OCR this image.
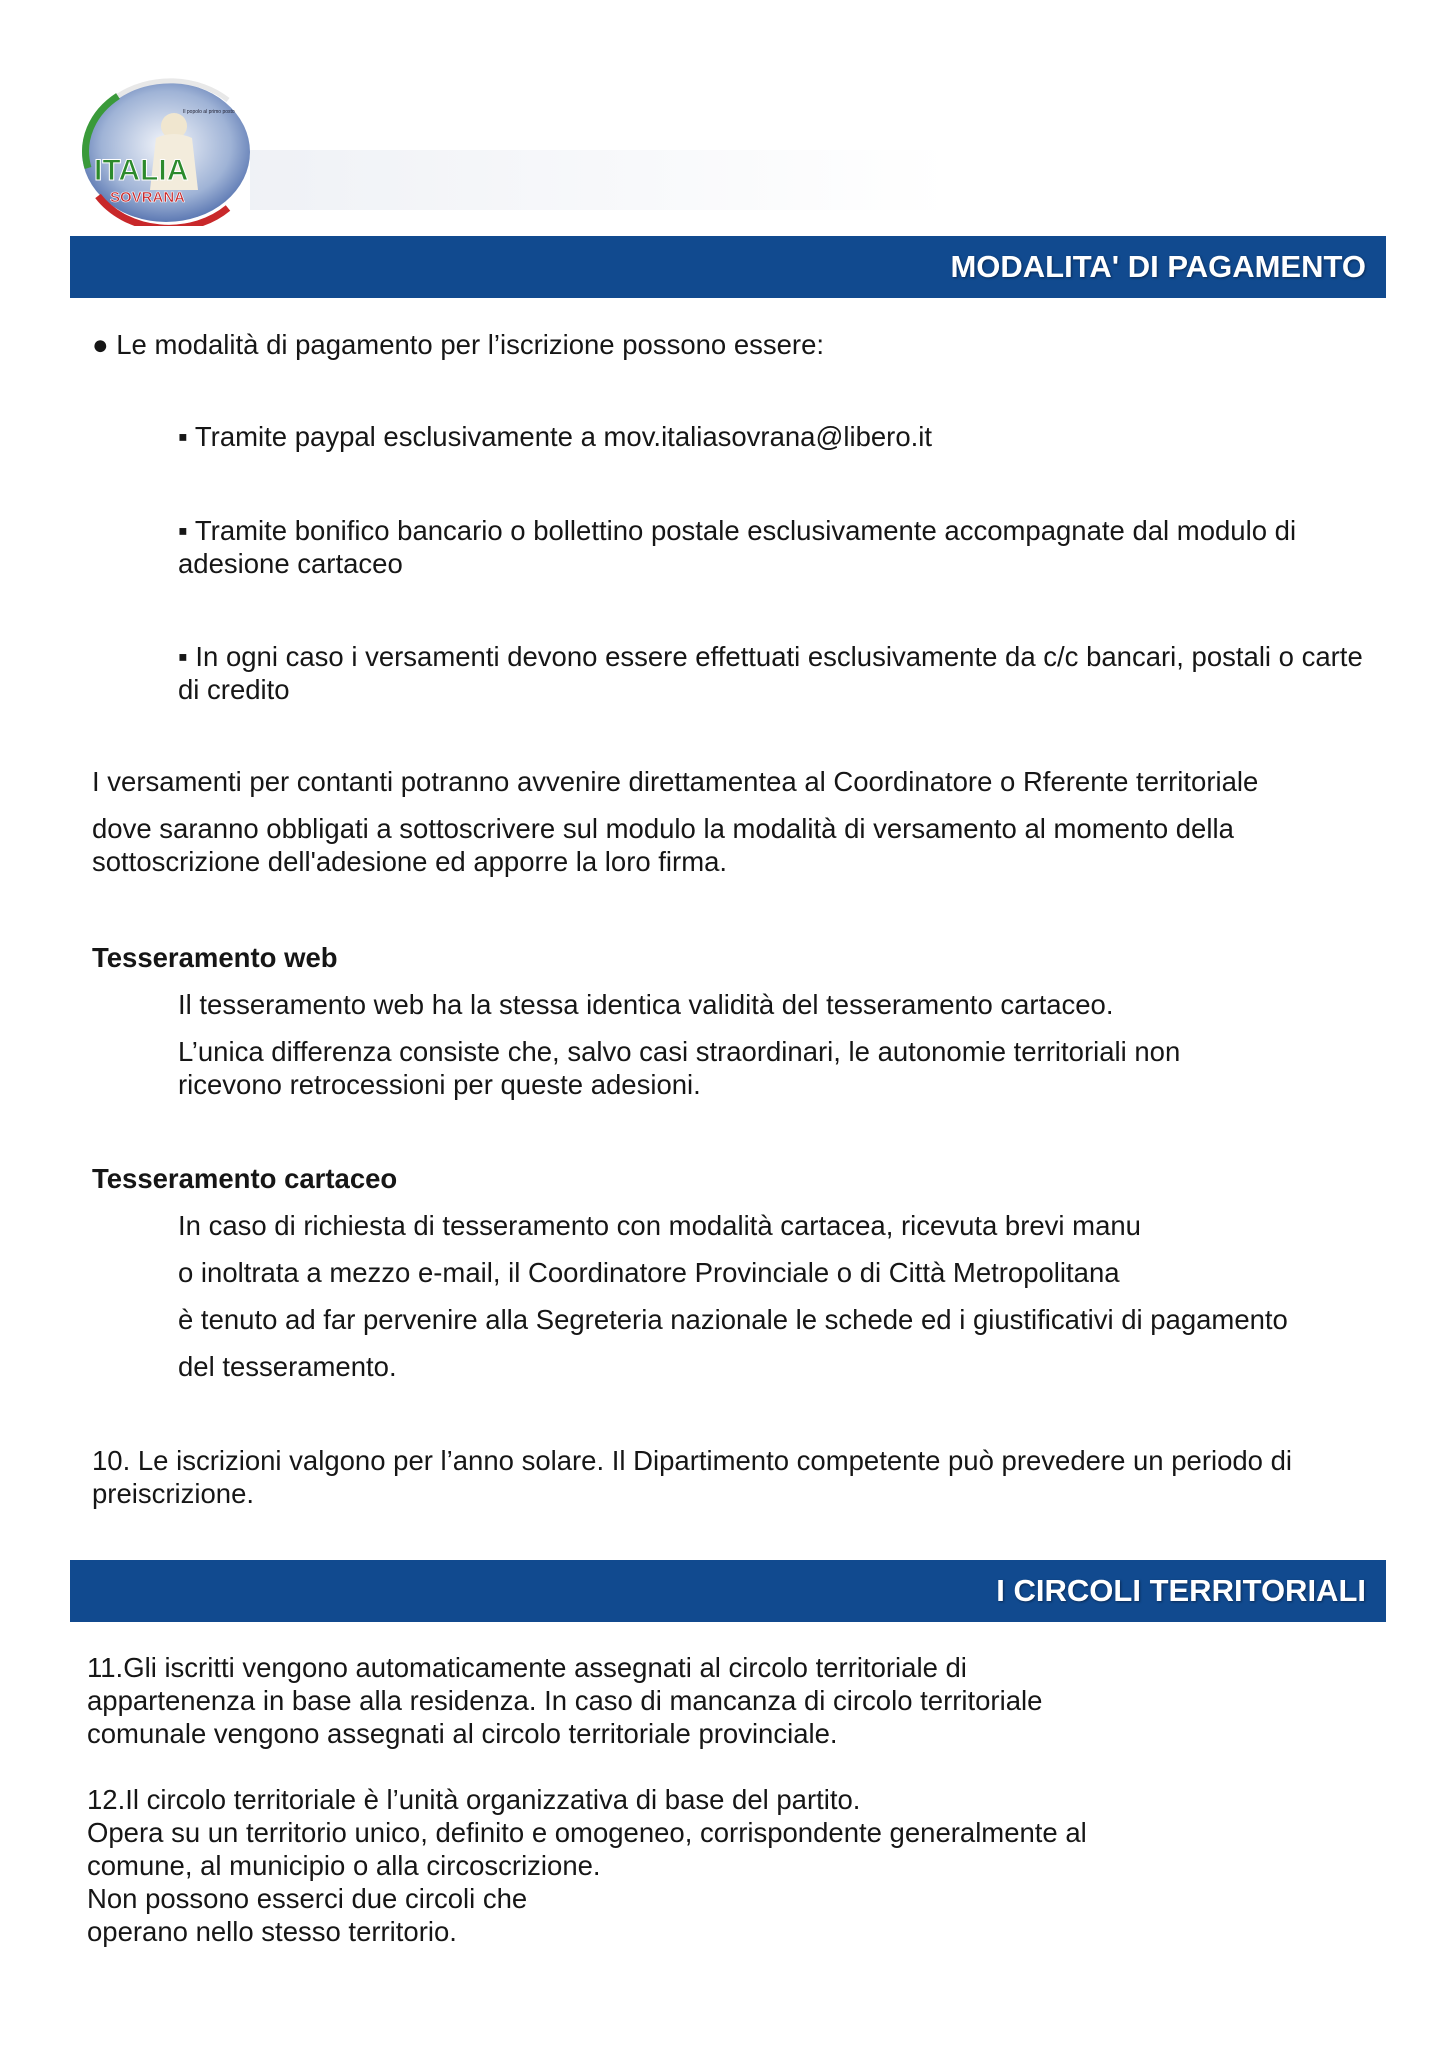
ITALIA
SOVRANA
Il popolo al primo posto
MODALITA' DI PAGAMENTO

● Le modalità di pagamento per l’iscrizione possono essere:

▪ Tramite paypal esclusivamente a mov.italiasovrana@libero.it

▪ Tramite bonifico bancario o bollettino postale esclusivamente accompagnate dal modulo di adesione cartaceo

▪ In ogni caso i versamenti devono essere effettuati esclusivamente da c/c bancari, postali o carte di credito

I versamenti per contanti potranno avvenire direttamentea al Coordinatore o Rferente territoriale

dove saranno obbligati a sottoscrivere sul modulo la modalità di versamento al momento della sottoscrizione dell'adesione ed apporre la loro firma.

Tesseramento web

Il tesseramento web ha la stessa identica validità del tesseramento cartaceo.

L’unica differenza consiste che, salvo casi straordinari, le autonomie territoriali non ricevono retrocessioni per queste adesioni.

Tesseramento cartaceo

In caso di richiesta di tesseramento con modalità cartacea, ricevuta brevi manu

o inoltrata a mezzo e-mail, il Coordinatore Provinciale o di Città Metropolitana

è tenuto ad far pervenire alla Segreteria nazionale le schede ed i giustificativi di pagamento

del tesseramento.

10. Le iscrizioni valgono per l’anno solare. Il Dipartimento competente può prevedere un periodo di preiscrizione.

I CIRCOLI TERRITORIALI

11.Gli iscritti vengono automaticamente assegnati al circolo territoriale di

appartenenza in base alla residenza. In caso di mancanza di circolo territoriale

comunale vengono assegnati al circolo territoriale provinciale.

12.Il circolo territoriale è l’unità organizzativa di base del partito.

Opera su un territorio unico, definito e omogeneo, corrispondente generalmente al

comune, al municipio o alla circoscrizione.

Non possono esserci due circoli che

operano nello stesso territorio.
